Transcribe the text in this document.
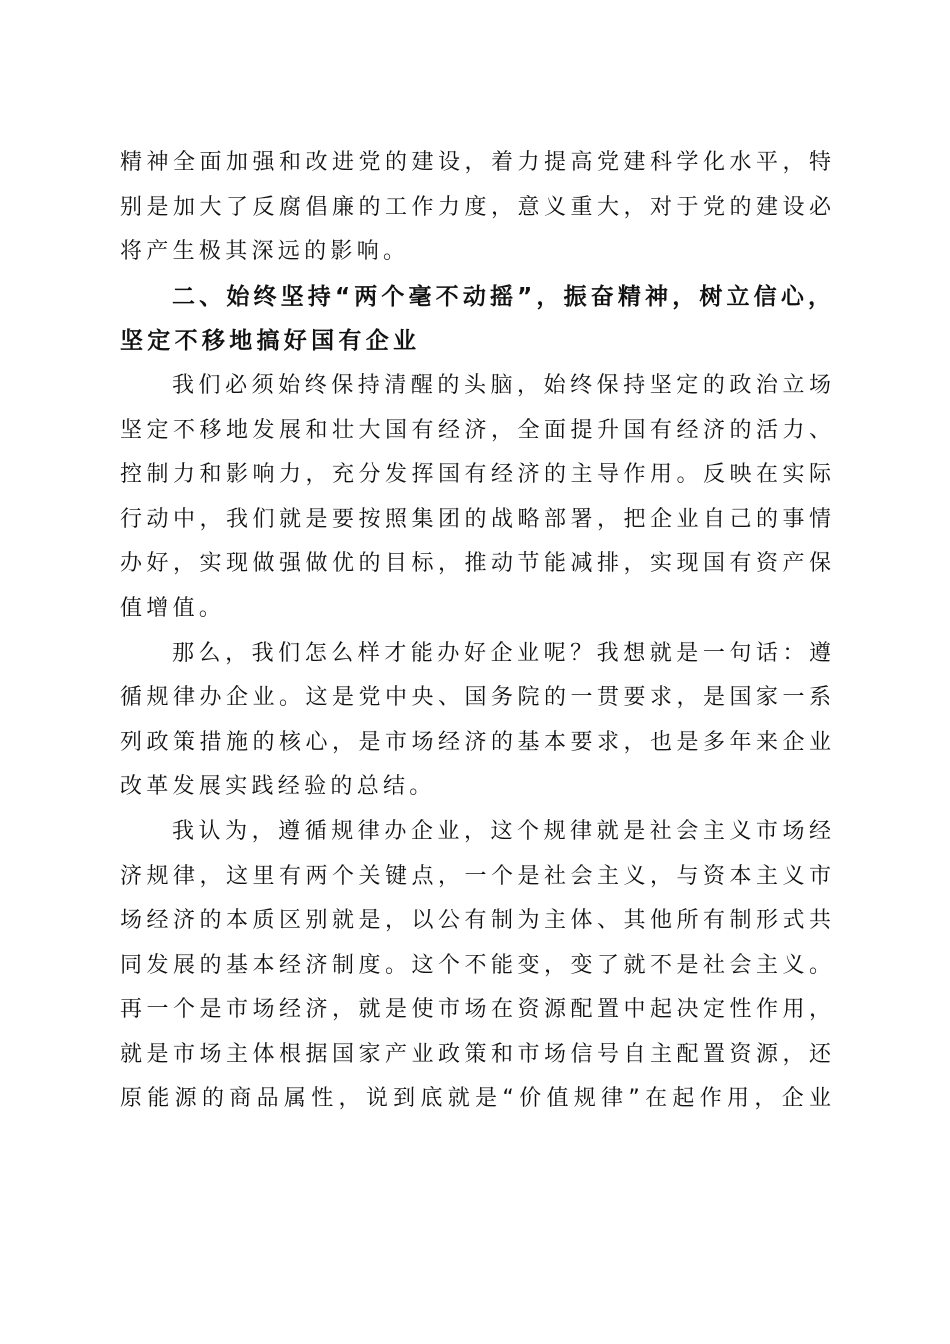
精神全面加强和改进党的建设，着力提高党建科学化水平，特
别是加大了反腐倡廉的工作力度，意义重大，对于党的建设必
将产生极其深远的影响。
二、始终坚持“两个毫不动摇”，振奋精神，树立信心，
坚定不移地搞好国有企业
我们必须始终保持清醒的头脑，始终保持坚定的政治立场
坚定不移地发展和壮大国有经济，全面提升国有经济的活力、
控制力和影响力，充分发挥国有经济的主导作用。反映在实际
行动中，我们就是要按照集团的战略部署，把企业自己的事情
办好，实现做强做优的目标，推动节能减排，实现国有资产保
值增值。
那么，我们怎么样才能办好企业呢？我想就是一句话：遵
循规律办企业。这是党中央、国务院的一贯要求，是国家一系
列政策措施的核心，是市场经济的基本要求，也是多年来企业
改革发展实践经验的总结。
我认为，遵循规律办企业，这个规律就是社会主义市场经
济规律，这里有两个关键点，一个是社会主义，与资本主义市
场经济的本质区别就是，以公有制为主体、其他所有制形式共
同发展的基本经济制度。这个不能变，变了就不是社会主义。
再一个是市场经济，就是使市场在资源配置中起决定性作用，
就是市场主体根据国家产业政策和市场信号自主配置资源，还
原能源的商品属性，说到底就是“价值规律”在起作用，企业
